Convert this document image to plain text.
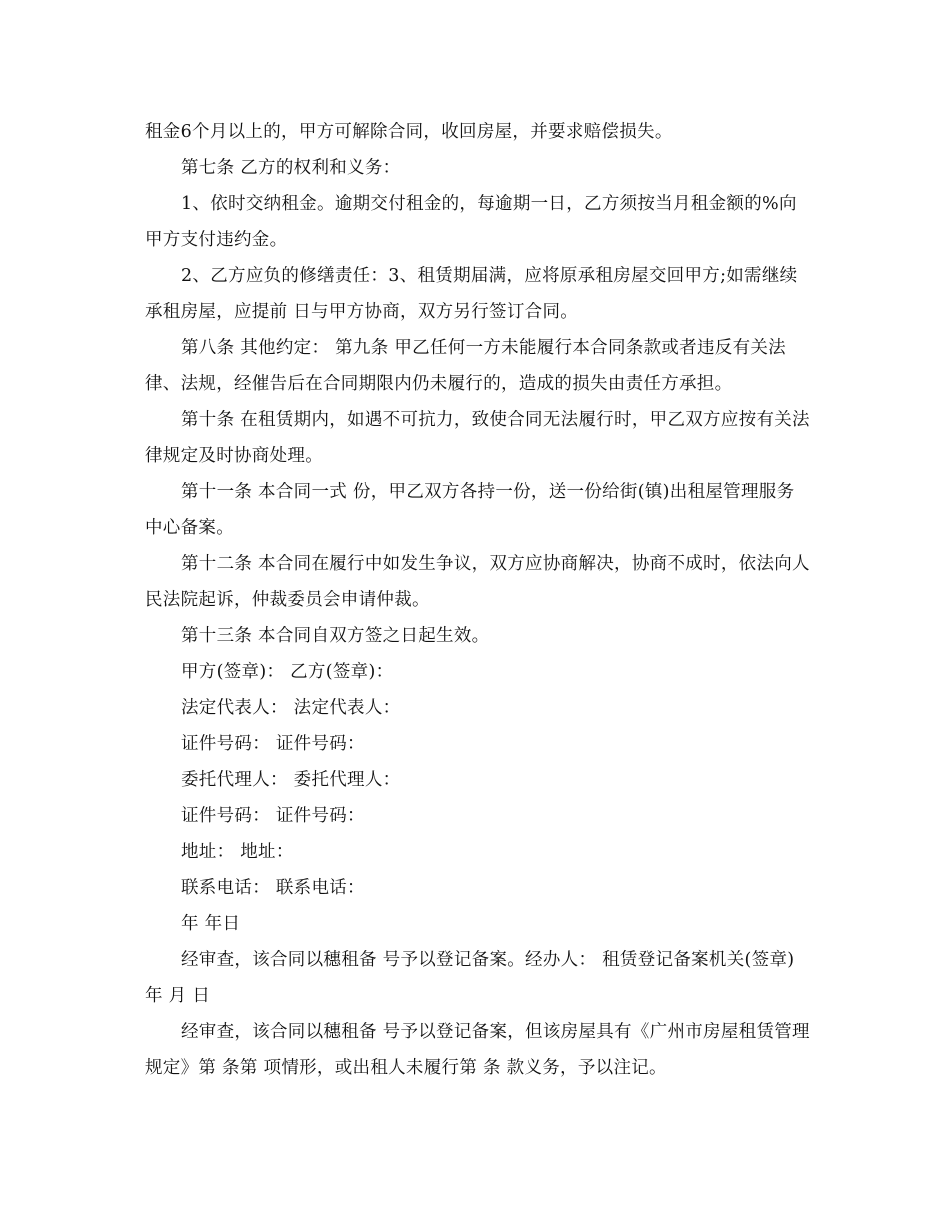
租金6个月以上的，甲方可解除合同，收回房屋，并要求赔偿损失。

第七条 乙方的权利和义务：

1、依时交纳租金。逾期交付租金的，每逾期一日，乙方须按当月租金额的%向甲方支付违约金。

2、乙方应负的修缮责任：3、租赁期届满，应将原承租房屋交回甲方;如需继续承租房屋，应提前 日与甲方协商，双方另行签订合同。

第八条 其他约定： 第九条 甲乙任何一方未能履行本合同条款或者违反有关法律、法规，经催告后在合同期限内仍未履行的，造成的损失由责任方承担。

第十条 在租赁期内，如遇不可抗力，致使合同无法履行时，甲乙双方应按有关法律规定及时协商处理。

第十一条 本合同一式 份，甲乙双方各持一份，送一份给街(镇)出租屋管理服务中心备案。

第十二条 本合同在履行中如发生争议，双方应协商解决，协商不成时，依法向人民法院起诉，仲裁委员会申请仲裁。

第十三条 本合同自双方签之日起生效。

甲方(签章)： 乙方(签章)：

法定代表人： 法定代表人：

证件号码： 证件号码：

委托代理人： 委托代理人：

证件号码： 证件号码：

地址： 地址：

联系电话： 联系电话：

年 年日

经审查，该合同以穗租备 号予以登记备案。经办人： 租赁登记备案机关(签章) 年 月 日

经审查，该合同以穗租备 号予以登记备案，但该房屋具有《广州市房屋租赁管理规定》第 条第 项情形，或出租人未履行第 条 款义务，予以注记。
